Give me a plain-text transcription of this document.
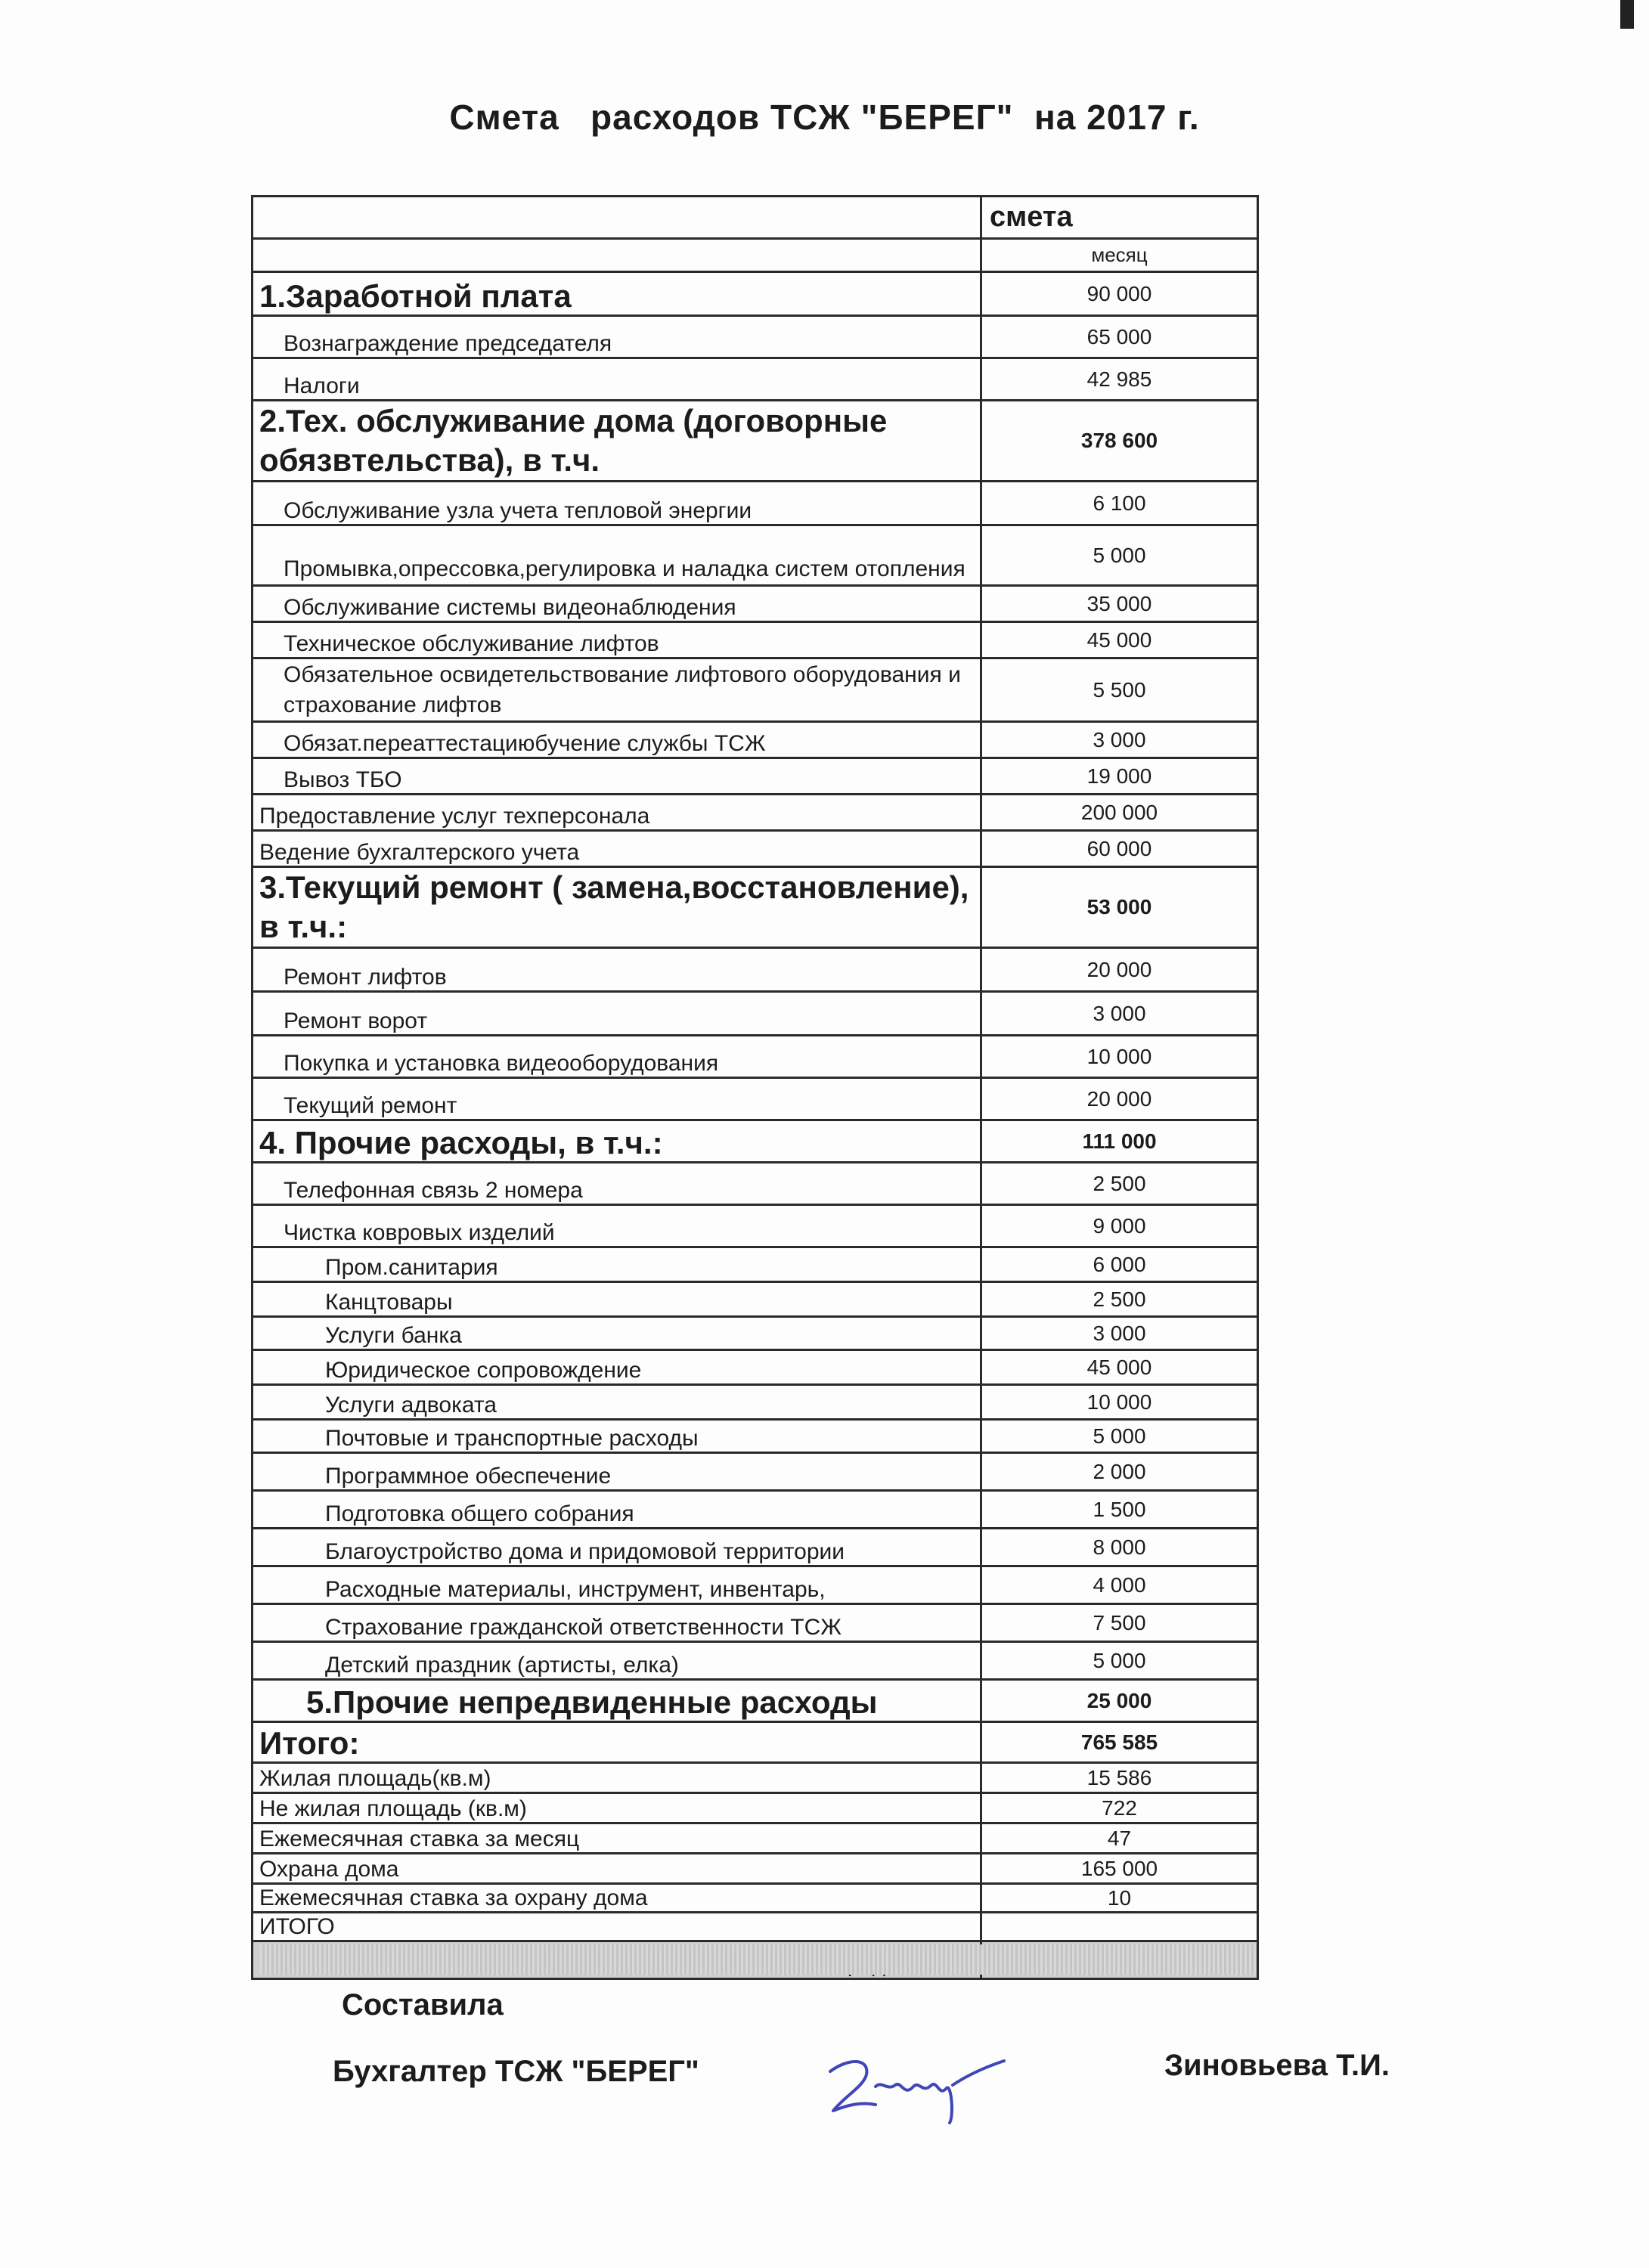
Смета   расходов ТСЖ "БЕРЕГ"  на 2017 г.
	смета
	месяц
1.Заработной плата	90 000
Вознаграждение председателя	65 000
Налоги	42 985
2.Тех. обслуживание дома (договорные обязвтельства), в т.ч.	378 600
Обслуживание узла учета тепловой энергии	6 100
Промывка,опрессовка,регулировка и наладка систем отопления	5 000
Обслуживание системы видеонаблюдения	35 000
Техническое обслуживание лифтов	45 000
Обязательное освидетельствование лифтового оборудования и страхование лифтов	5 500
Обязат.переаттестациюбучение службы ТСЖ	3 000
Вывоз ТБО	19 000
Предоставление услуг техперсонала	200 000
Ведение бухгалтерского учета	60 000
3.Текущий ремонт ( замена,восстановление), в т.ч.:	53 000
Ремонт лифтов	20 000
Ремонт ворот	3 000
Покупка и установка видеооборудования	10 000
Текущий ремонт	20 000
4. Прочие расходы, в т.ч.:	111 000
Телефонная связь 2 номера	2 500
Чистка ковровых изделий	9 000
Пром.санитария	6 000
Канцтовары	2 500
Услуги банка	3 000
Юридическое сопровождение	45 000
Услуги адвоката	10 000
Почтовые и транспортные расходы	5 000
Программное обеспечение	2 000
Подготовка общего собрания	1 500
Благоустройство дома и придомовой территории	8 000
Расходные материалы, инструмент, инвентарь,	4 000
Страхование гражданской ответственности ТСЖ	7 500
Детский праздник (артисты, елка)	5 000
5.Прочие непредвиденные расходы	25 000
Итого:	765 585
Жилая площадь(кв.м)	15 586
Не жилая площадь (кв.м)	722
Ежемесячная ставка за месяц	47
Охрана дома	165 000
Ежемесячная ставка за охрану дома	10
ИТОГО	

Составила
Бухгалтер ТСЖ "БЕРЕГ"	Зиновьева Т.И.
